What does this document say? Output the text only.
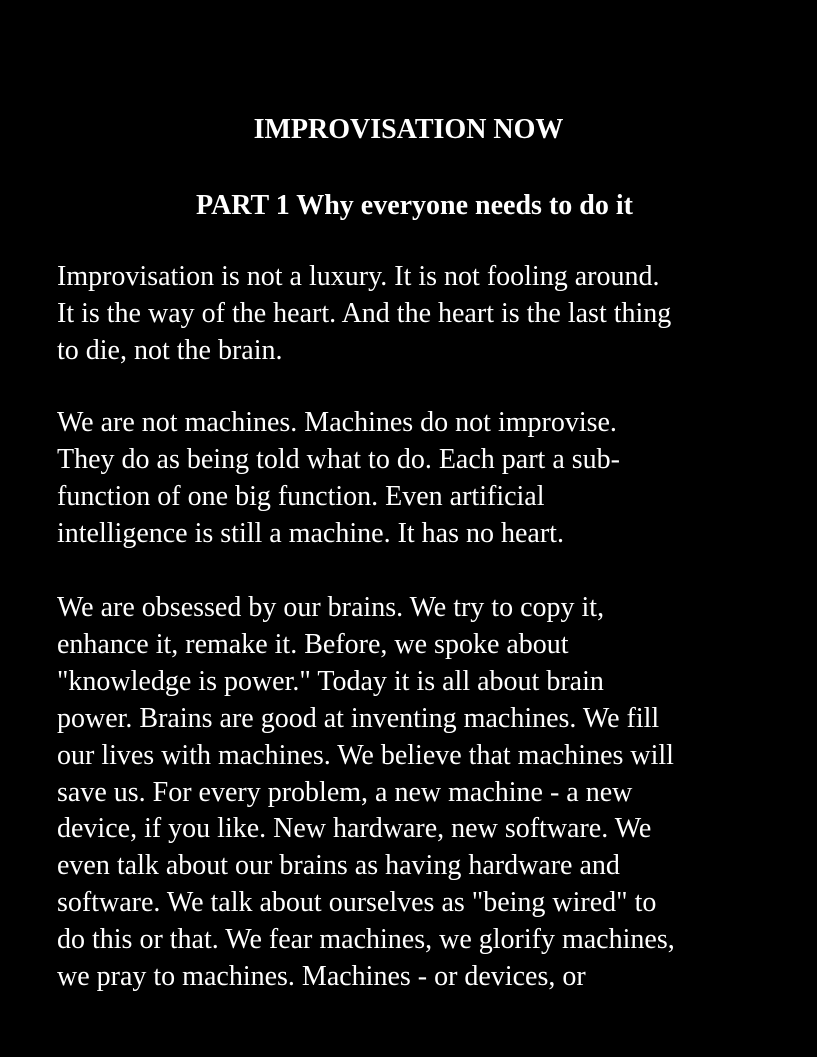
IMPROVISATION NOW
PART 1 Why everyone needs to do it

Improvisation is not a luxury. It is not fooling around.
It is the way of the heart. And the heart is the last thing
to die, not the brain.

We are not machines. Machines do not improvise.
They do as being told what to do. Each part a sub-
function of one big function. Even artificial
intelligence is still a machine. It has no heart.

We are obsessed by our brains. We try to copy it,
enhance it, remake it. Before, we spoke about
"knowledge is power." Today it is all about brain
power. Brains are good at inventing machines. We fill
our lives with machines. We believe that machines will
save us. For every problem, a new machine - a new
device, if you like. New hardware, new software. We
even talk about our brains as having hardware and
software. We talk about ourselves as "being wired" to
do this or that. We fear machines, we glorify machines,
we pray to machines. Machines - or devices, or
